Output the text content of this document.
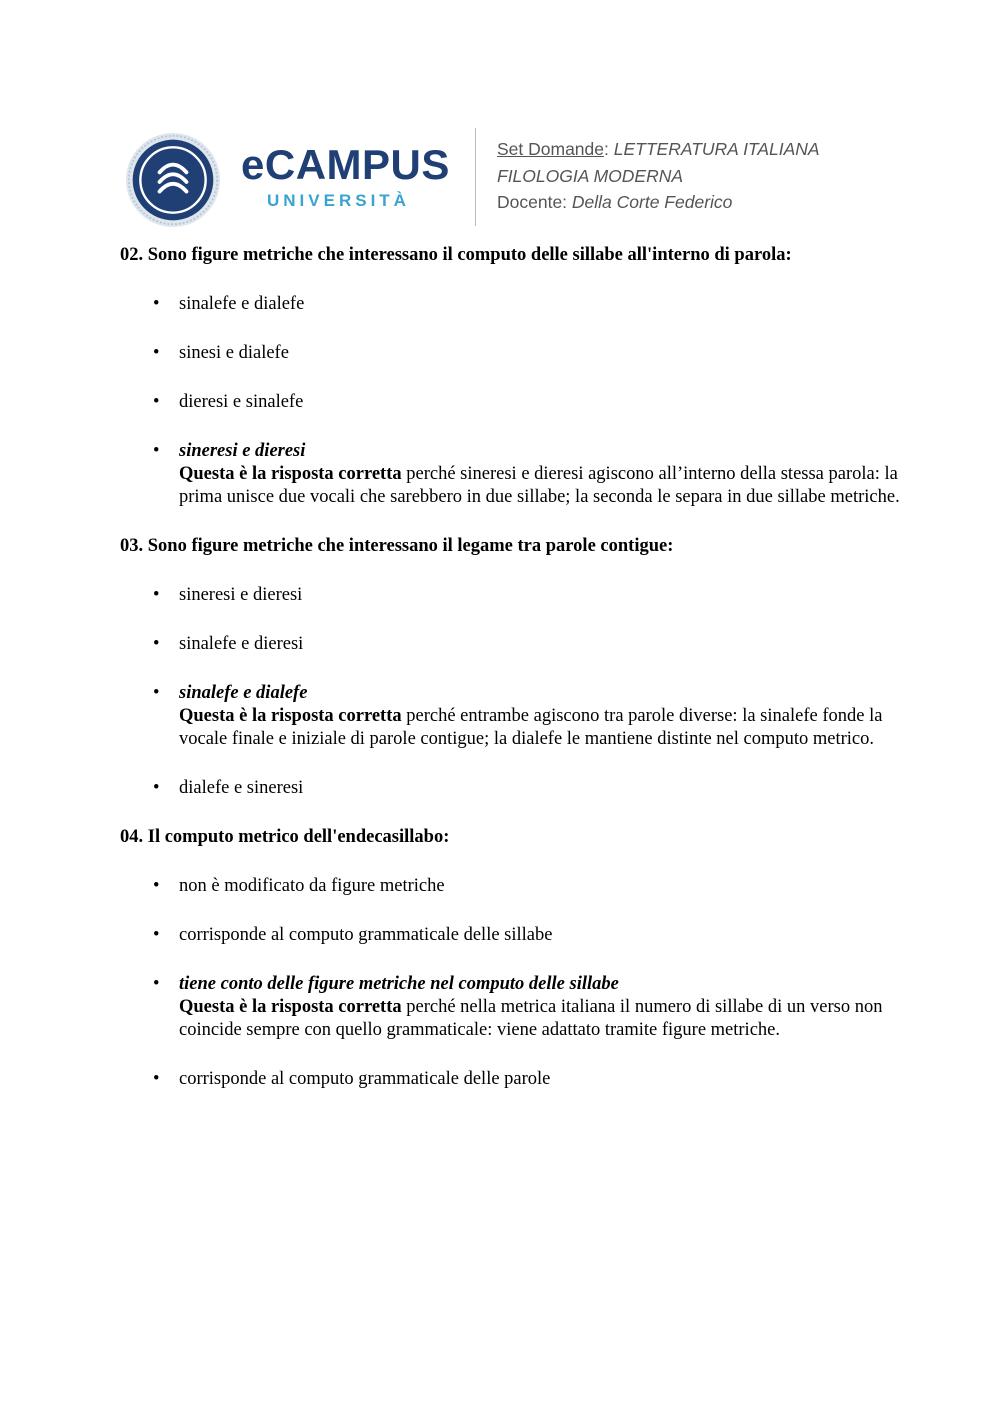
eCAMPUS
UNIVERSITÀ
Set Domande: LETTERATURA ITALIANA
FILOLOGIA MODERNA
Docente: Della Corte Federico

02. Sono figure metriche che interessano il computo delle sillabe all'interno di parola:

• sinalefe e dialefe
• sinesi e dialefe
• dieresi e sinalefe
• sineresi e dieresi
Questa è la risposta corretta perché sineresi e dieresi agiscono all’interno della stessa parola: la prima unisce due vocali che sarebbero in due sillabe; la seconda le separa in due sillabe metriche.

03. Sono figure metriche che interessano il legame tra parole contigue:

• sineresi e dieresi
• sinalefe e dieresi
• sinalefe e dialefe
Questa è la risposta corretta perché entrambe agiscono tra parole diverse: la sinalefe fonde la vocale finale e iniziale di parole contigue; la dialefe le mantiene distinte nel computo metrico.
• dialefe e sineresi

04. Il computo metrico dell'endecasillabo:

• non è modificato da figure metriche
• corrisponde al computo grammaticale delle sillabe
• tiene conto delle figure metriche nel computo delle sillabe
Questa è la risposta corretta perché nella metrica italiana il numero di sillabe di un verso non coincide sempre con quello grammaticale: viene adattato tramite figure metriche.
• corrisponde al computo grammaticale delle parole
